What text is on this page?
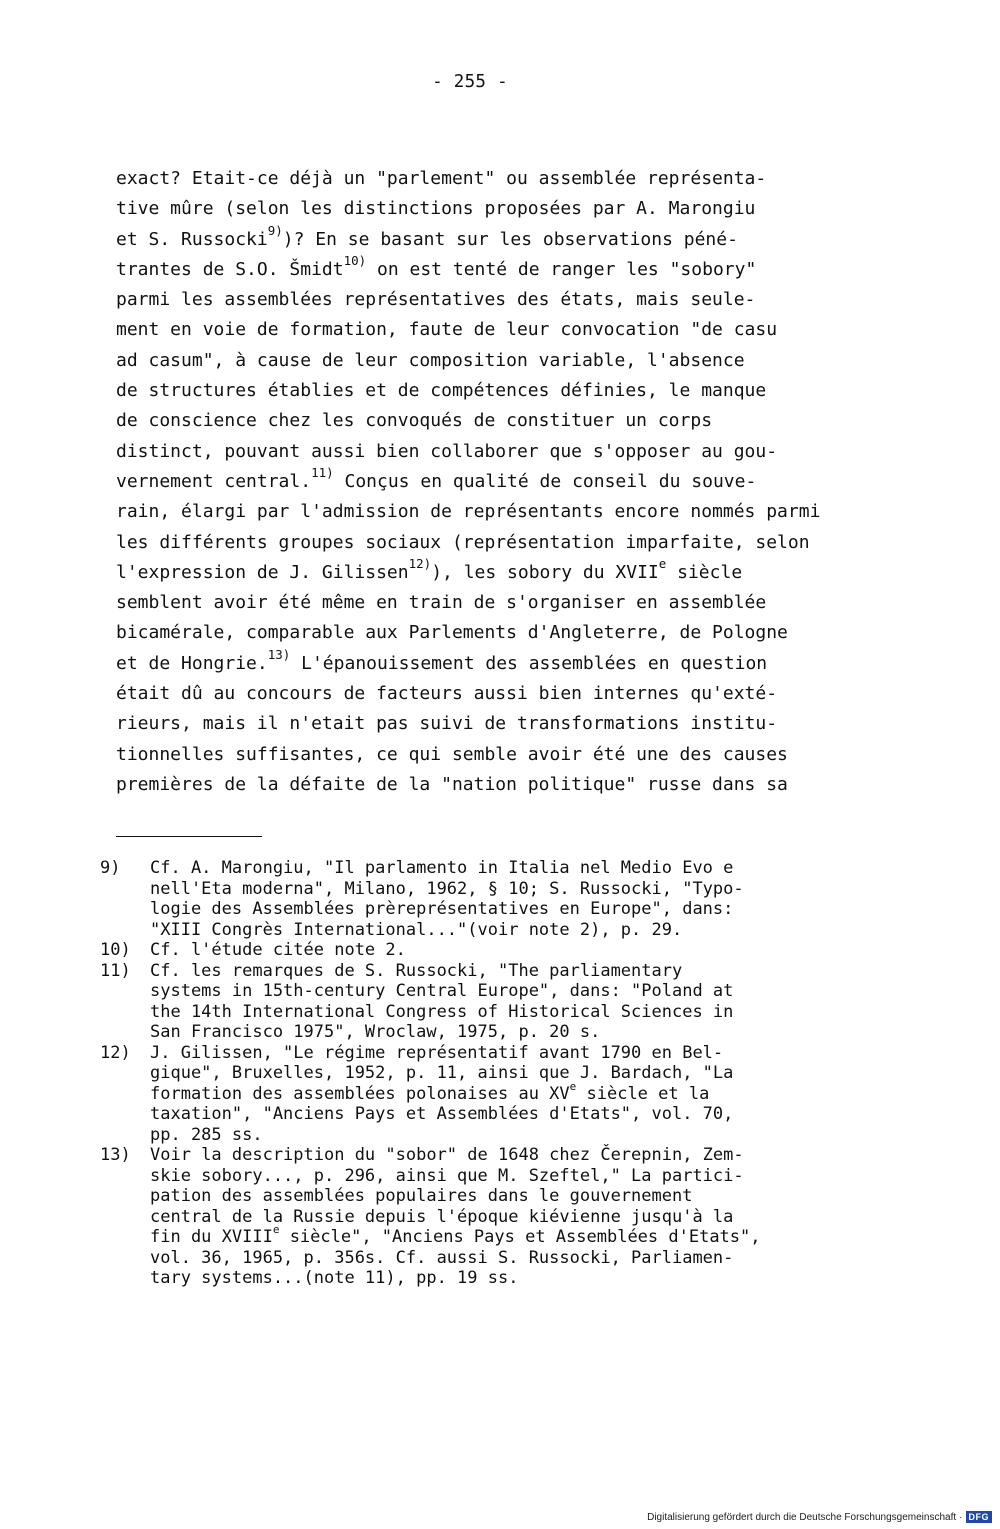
- 255 -
exact? Etait-ce déjà un "parlement" ou assemblée représenta-
tive mûre (selon les distinctions proposées par A. Marongiu
et S. Russocki$^{9)}$)? En se basant sur les observations péné-
trantes de S.O. Šmidt$^{10)}$ on est tenté de ranger les "sobory"
parmi les assemblées représentatives des états, mais seule-
ment en voie de formation, faute de leur convocation "de casu
ad casum", à cause de leur composition variable, l'absence
de structures établies et de compétences définies, le manque
de conscience chez les convoqués de constituer un corps
distinct, pouvant aussi bien collaborer que s'opposer au gou-
vernement central.$^{11)}$ Conçus en qualité de conseil du souve-
rain, élargi par l'admission de représentants encore nommés parmi
les différents groupes sociaux (représentation imparfaite, selon
l'expression de J. Gilissen$^{12)}$), les sobory du XVIIe siècle
semblent avoir été même en train de s'organiser en assemblée
bicamérale, comparable aux Parlements d'Angleterre, de Pologne
et de Hongrie.$^{13)}$ L'épanouissement des assemblées en question
était dû au concours de facteurs aussi bien internes qu'exté-
rieurs, mais il n'etait pas suivi de transformations institu-
tionnelles suffisantes, ce qui semble avoir été une des causes
premières de la défaite de la "nation politique" russe dans sa
9)	Cf. A. Marongiu, "Il parlamento in Italia nel Medio Evo e
nell'Eta moderna", Milano, 1962, § 10; S. Russocki, "Typo-
logie des Assemblées prèreprésentatives en Europe", dans:
"XIII Congrès International..."(voir note 2), p. 29.
10)	Cf. l'étude citée note 2.
11)	Cf. les remarques de S. Russocki, "The parliamentary
systems in 15th-century Central Europe", dans: "Poland at
the 14th International Congress of Historical Sciences in
San Francisco 1975", Wroclaw, 1975, p. 20 s.
12)	J. Gilissen, "Le régime représentatif avant 1790 en Bel-
gique", Bruxelles, 1952, p. 11, ainsi que J. Bardach, "La
formation des assemblées polonaises au XVe siècle et la
taxation", "Anciens Pays et Assemblées d'Etats", vol. 70,
pp. 285 ss.
13)	Voir la description du "sobor" de 1648 chez Čerepnin, Zem-
skie sobory..., p. 296, ainsi que M. Szeftel," La partici-
pation des assemblées populaires dans le gouvernement
central de la Russie depuis l'époque kiévienne jusqu'à la
fin du XVIIIe siècle", "Anciens Pays et Assemblées d'Etats",
vol. 36, 1965, p. 356s. Cf. aussi S. Russocki, Parliamen-
tary systems...(note 11), pp. 19 ss.
Digitalisierung gefördert durch die Deutsche Forschungsgemeinschaft · DFG
